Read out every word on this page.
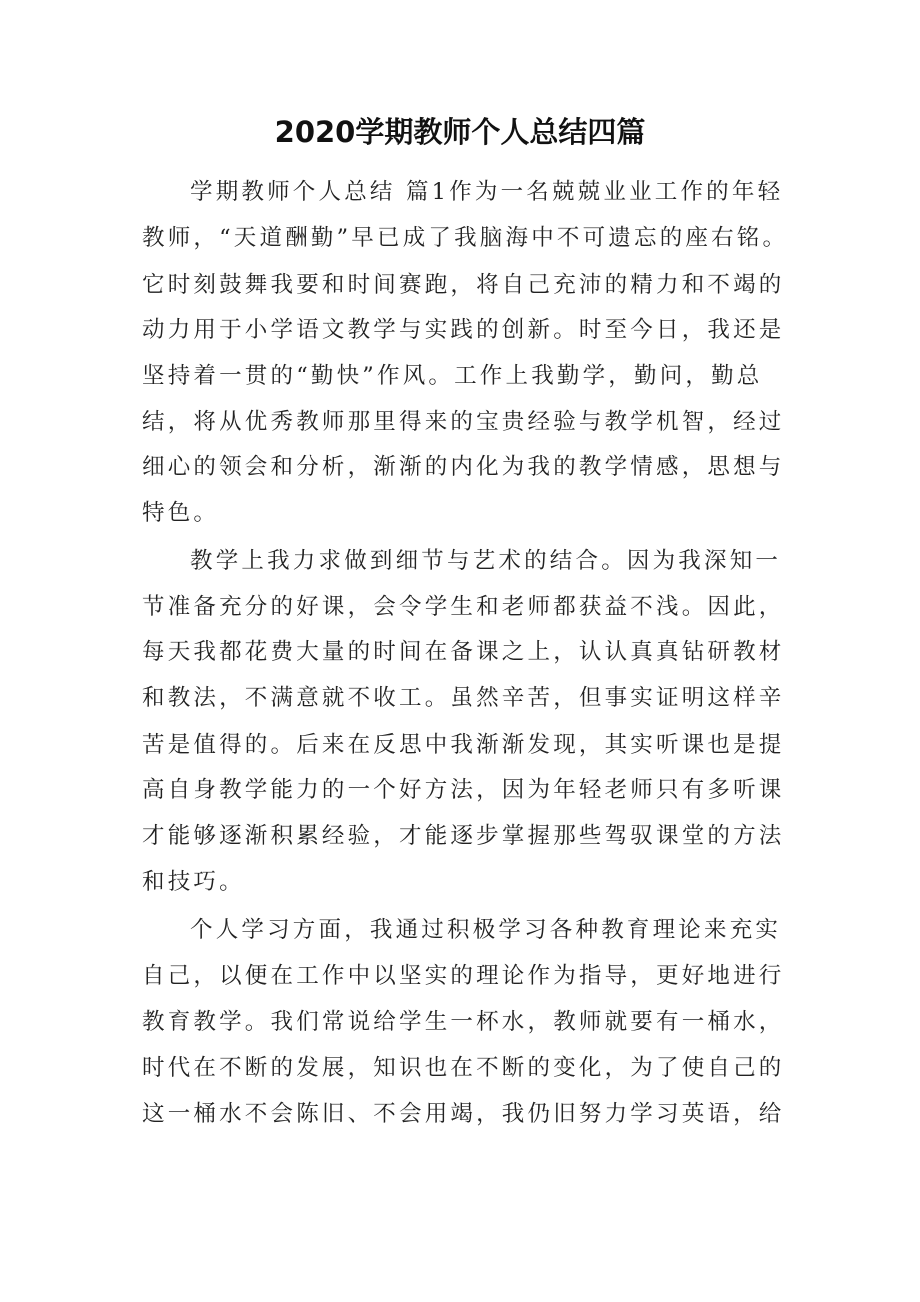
2020学期教师个人总结四篇
学期教师个人总结 篇1作为一名兢兢业业工作的年轻
教师，“天道酬勤”早已成了我脑海中不可遗忘的座右铭。
它时刻鼓舞我要和时间赛跑，将自己充沛的精力和不竭的
动力用于小学语文教学与实践的创新。时至今日，我还是
坚持着一贯的“勤快”作风。工作上我勤学，勤问，勤总
结，将从优秀教师那里得来的宝贵经验与教学机智，经过
细心的领会和分析，渐渐的内化为我的教学情感，思想与
特色。
教学上我力求做到细节与艺术的结合。因为我深知一
节准备充分的好课，会令学生和老师都获益不浅。因此，
每天我都花费大量的时间在备课之上，认认真真钻研教材
和教法，不满意就不收工。虽然辛苦，但事实证明这样辛
苦是值得的。后来在反思中我渐渐发现，其实听课也是提
高自身教学能力的一个好方法，因为年轻老师只有多听课
才能够逐渐积累经验，才能逐步掌握那些驾驭课堂的方法
和技巧。
个人学习方面，我通过积极学习各种教育理论来充实
自己，以便在工作中以坚实的理论作为指导，更好地进行
教育教学。我们常说给学生一杯水，教师就要有一桶水，
时代在不断的发展，知识也在不断的变化，为了使自己的
这一桶水不会陈旧、不会用竭，我仍旧努力学习英语，给
